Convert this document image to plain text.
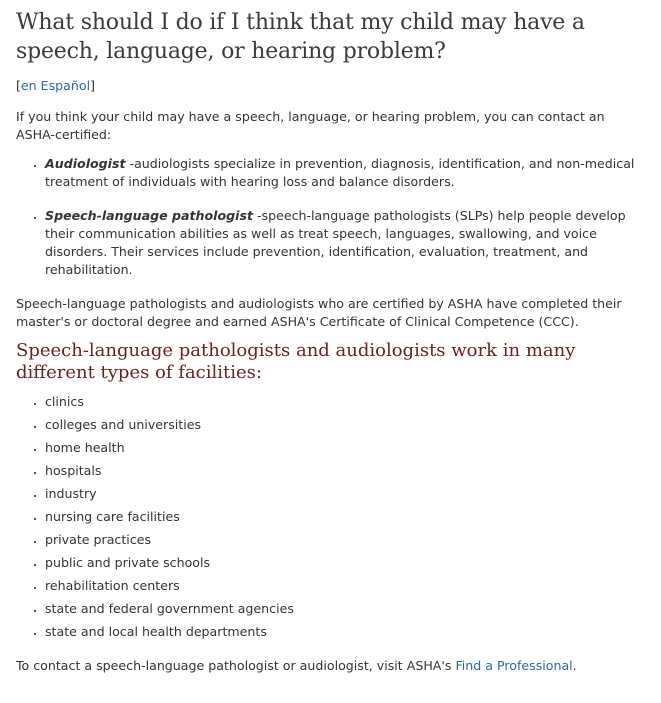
What should I do if I think that my child may have a speech, language, or hearing problem?
[en Español]

If you think your child may have a speech, language, or hearing problem, you can contact an ASHA-certified:

▪ Audiologist -audiologists specialize in prevention, diagnosis, identification, and non-medical treatment of individuals with hearing loss and balance disorders.
▪ Speech-language pathologist -speech-language pathologists (SLPs) help people develop their communication abilities as well as treat speech, languages, swallowing, and voice disorders. Their services include prevention, identification, evaluation, treatment, and rehabilitation.

Speech-language pathologists and audiologists who are certified by ASHA have completed their master's or doctoral degree and earned ASHA's Certificate of Clinical Competence (CCC).

Speech-language pathologists and audiologists work in many different types of facilities:
▪ clinics
▪ colleges and universities
▪ home health
▪ hospitals
▪ industry
▪ nursing care facilities
▪ private practices
▪ public and private schools
▪ rehabilitation centers
▪ state and federal government agencies
▪ state and local health departments

To contact a speech-language pathologist or audiologist, visit ASHA's Find a Professional.
